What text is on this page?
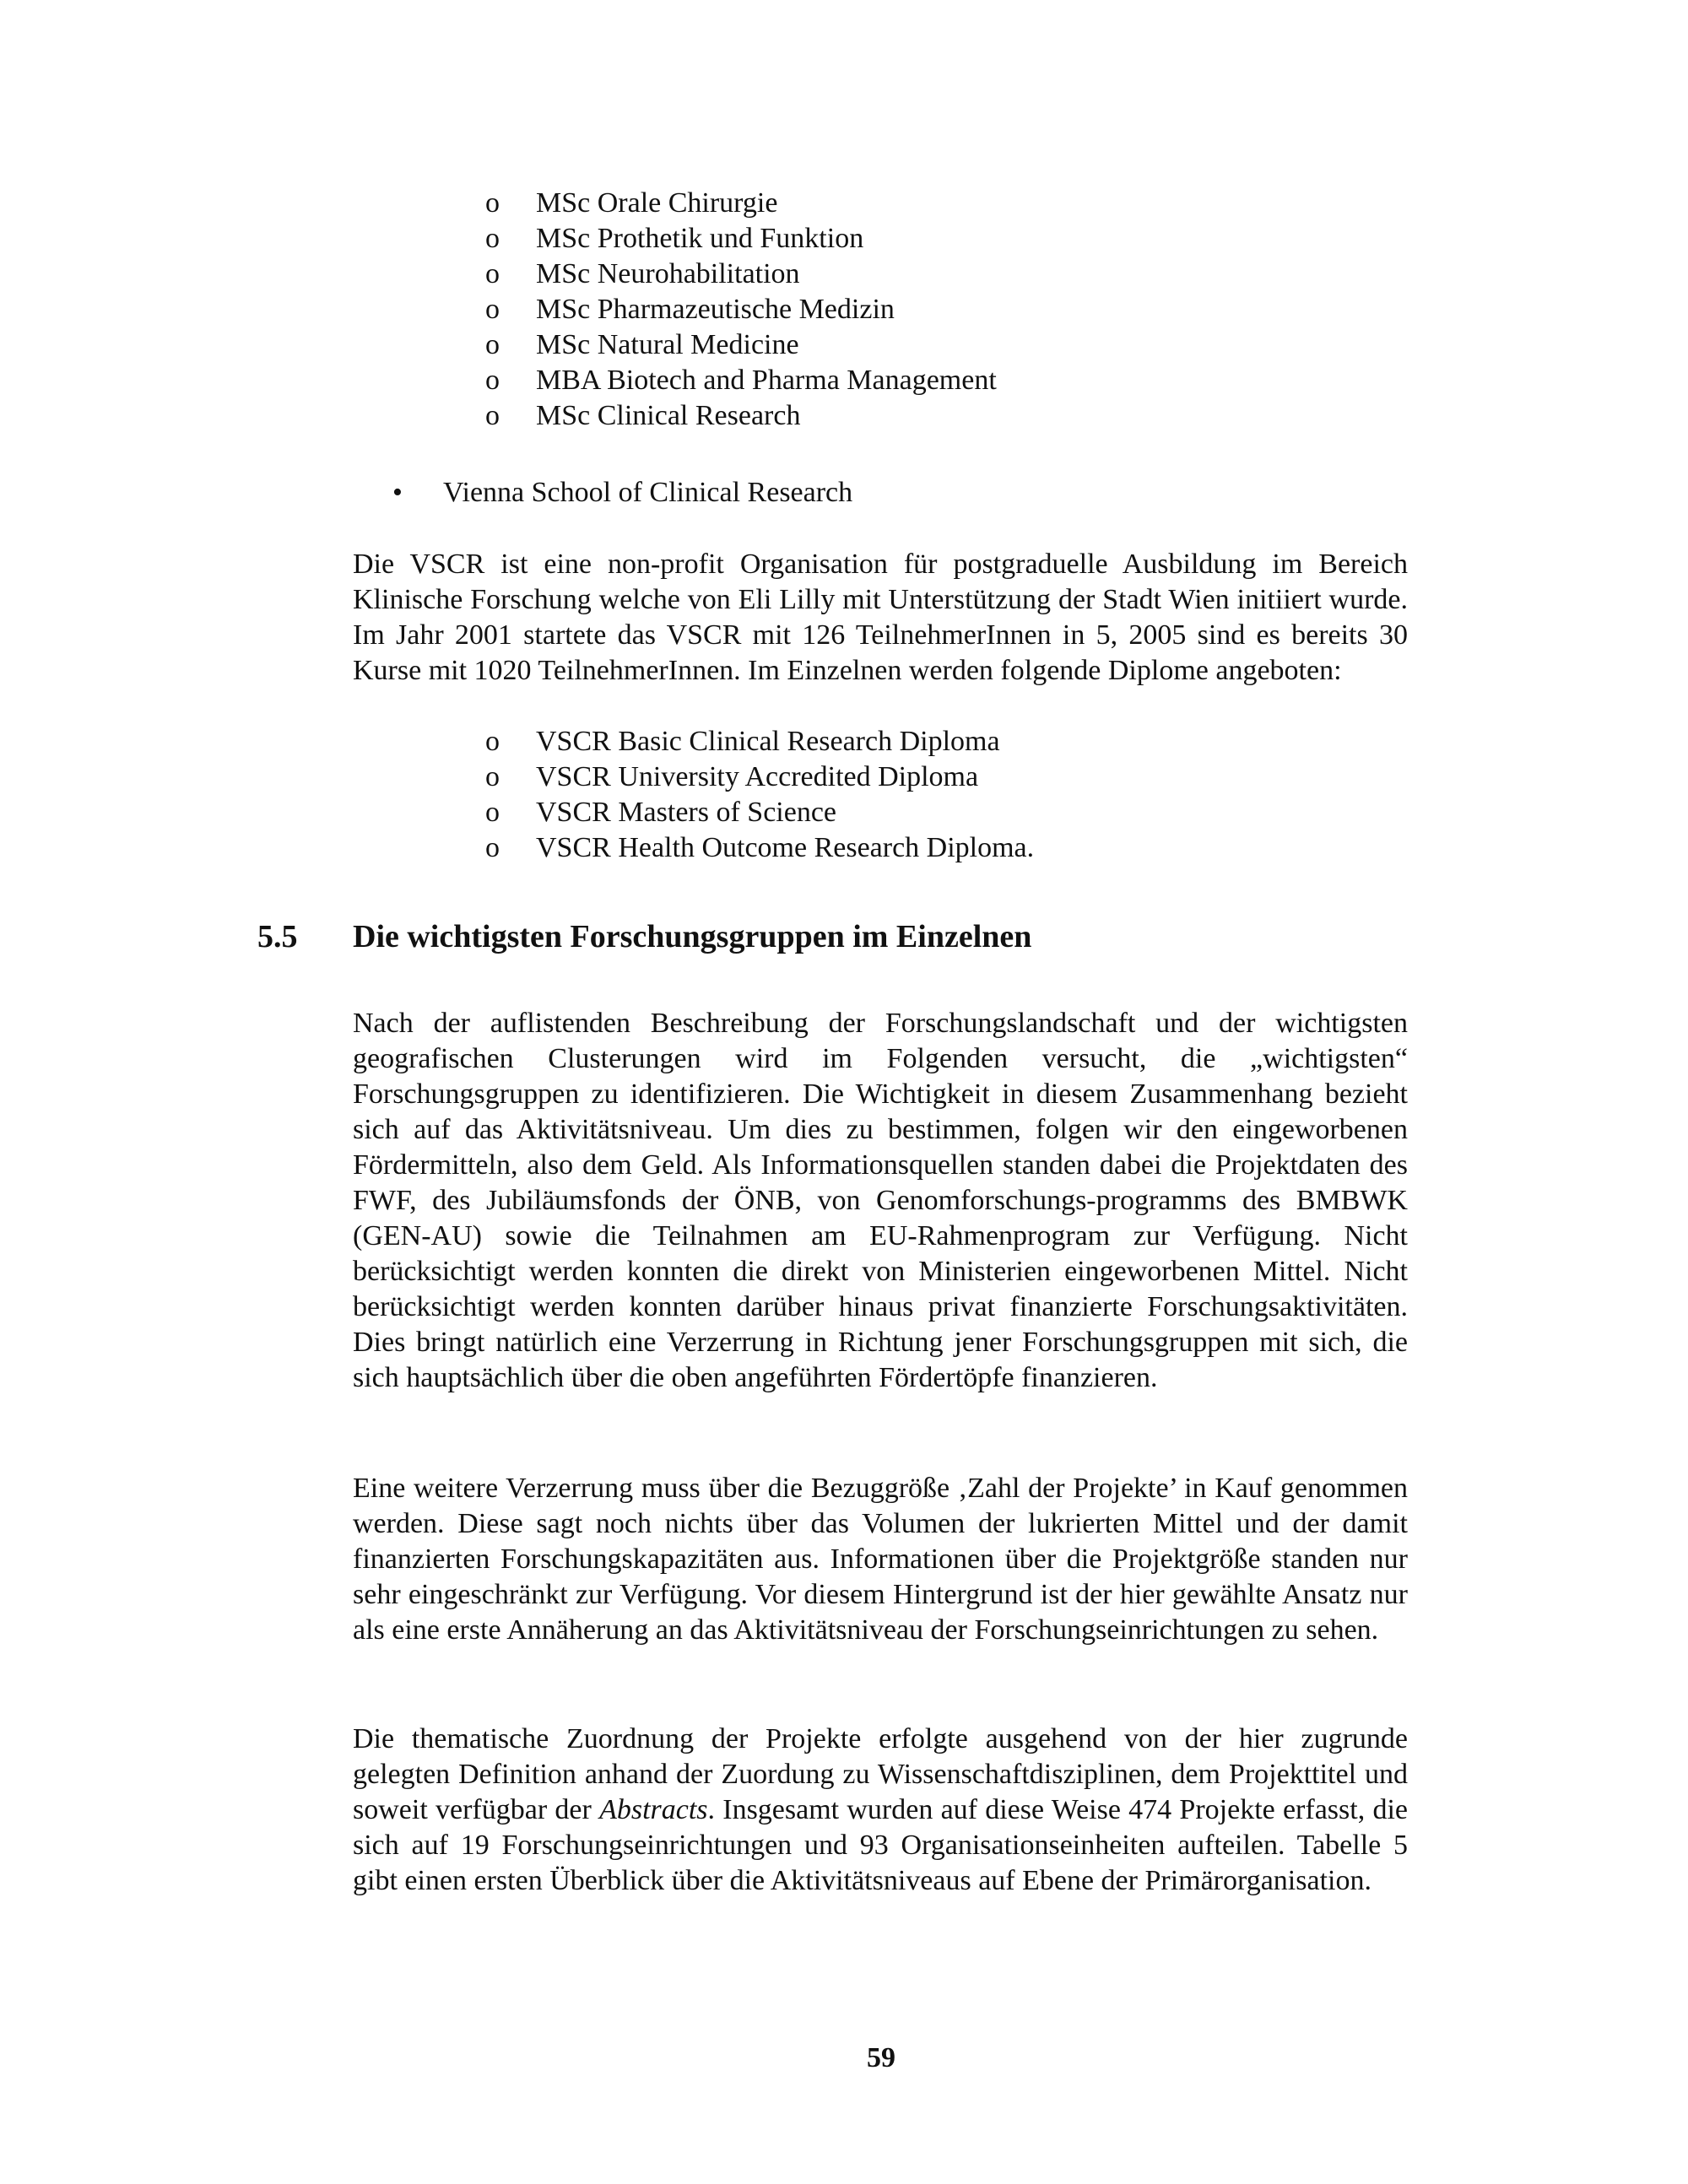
o MSc Orale Chirurgie
o MSc Prothetik und Funktion
o MSc Neurohabilitation
o MSc Pharmazeutische Medizin
o MSc Natural Medicine
o MBA Biotech and Pharma Management
o MSc Clinical Research
• Vienna School of Clinical Research

Die VSCR ist eine non-profit Organisation für postgraduelle Ausbildung im Bereich Klinische Forschung welche von Eli Lilly mit Unterstützung der Stadt Wien initiiert wurde. Im Jahr 2001 startete das VSCR mit 126 TeilnehmerInnen in 5, 2005 sind es bereits 30 Kurse mit 1020 TeilnehmerInnen. Im Einzelnen werden folgende Diplome angeboten:

o VSCR Basic Clinical Research Diploma
o VSCR University Accredited Diploma
o VSCR Masters of Science
o VSCR Health Outcome Research Diploma.
5.5 Die wichtigsten Forschungsgruppen im Einzelnen

Nach der auflistenden Beschreibung der Forschungslandschaft und der wichtigsten geografischen Clusterungen wird im Folgenden versucht, die „wichtigsten“ Forschungsgruppen zu identifizieren. Die Wichtigkeit in diesem Zusammenhang bezieht sich auf das Aktivitätsniveau. Um dies zu bestimmen, folgen wir den eingeworbenen Fördermitteln, also dem Geld. Als Informationsquellen standen dabei die Projektdaten des FWF, des Jubiläumsfonds der ÖNB, von Genomforschungs-programms des BMBWK (GEN-AU) sowie die Teilnahmen am EU-Rahmenprogram zur Verfügung. Nicht berücksichtigt werden konnten die direkt von Ministerien eingeworbenen Mittel. Nicht berücksichtigt werden konnten darüber hinaus privat finanzierte Forschungsaktivitäten. Dies bringt natürlich eine Verzerrung in Richtung jener Forschungsgruppen mit sich, die sich hauptsächlich über die oben angeführten Fördertöpfe finanzieren.

Eine weitere Verzerrung muss über die Bezuggröße ‚Zahl der Projekte’ in Kauf genommen werden. Diese sagt noch nichts über das Volumen der lukrierten Mittel und der damit finanzierten Forschungskapazitäten aus. Informationen über die Projektgröße standen nur sehr eingeschränkt zur Verfügung. Vor diesem Hintergrund ist der hier gewählte Ansatz nur als eine erste Annäherung an das Aktivitätsniveau der Forschungseinrichtungen zu sehen.

Die thematische Zuordnung der Projekte erfolgte ausgehend von der hier zugrunde gelegten Definition anhand der Zuordung zu Wissenschaftdisziplinen, dem Projekttitel und soweit verfügbar der Abstracts. Insgesamt wurden auf diese Weise 474 Projekte erfasst, die sich auf 19 Forschungseinrichtungen und 93 Organisationseinheiten aufteilen. Tabelle 5 gibt einen ersten Überblick über die Aktivitätsniveaus auf Ebene der Primärorganisation.

59
